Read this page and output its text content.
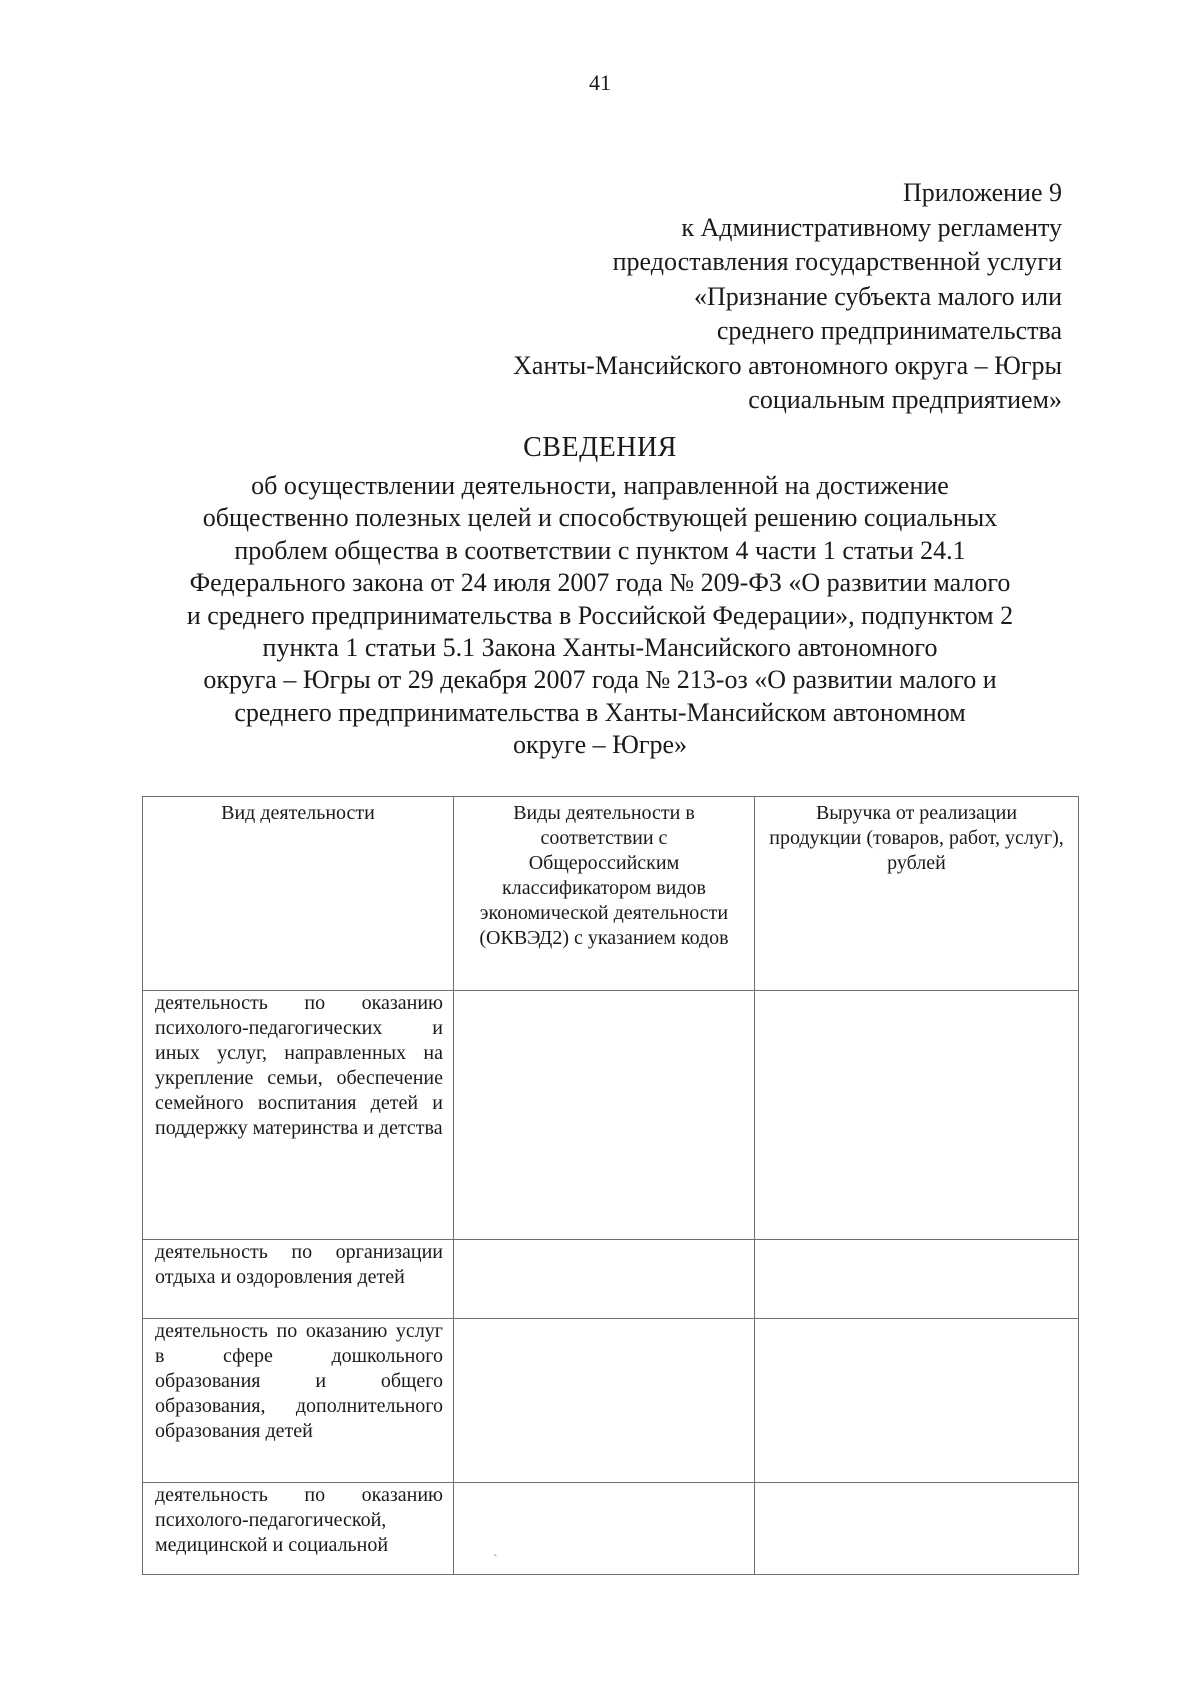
41
Приложение 9
к Административному регламенту
предоставления государственной услуги
«Признание субъекта малого или
среднего предпринимательства
Ханты-Мансийского автономного округа – Югры
социальным предприятием»
СВЕДЕНИЯ
об осуществлении деятельности, направленной на достижение
общественно полезных целей и способствующей решению социальных
проблем общества в соответствии с пунктом 4 части 1 статьи 24.1
Федерального закона от 24 июля 2007 года № 209-ФЗ «О развитии малого
и среднего предпринимательства в Российской Федерации», подпунктом 2
пункта 1 статьи 5.1 Закона Ханты-Мансийского автономного
округа – Югры от 29 декабря 2007 года № 213-оз «О развитии малого и
среднего предпринимательства в Ханты-Мансийском автономном
округе – Югре»
Вид деятельности	Виды деятельности в соответствии с Общероссийским классификатором видов экономической деятельности (ОКВЭД2) с указанием кодов	Выручка от реализации продукции (товаров, работ, услуг), рублей
деятельность по оказанию психолого-педагогических и иных услуг, направленных на укрепление семьи, обеспечение семейного воспитания детей и поддержку материнства и детства		
деятельность по организации отдыха и оздоровления детей		
деятельность по оказанию услуг в сфере дошкольного образования и общего образования, дополнительного образования детей		
деятельность по оказанию психолого-педагогической, медицинской и социальной	ˋ	
